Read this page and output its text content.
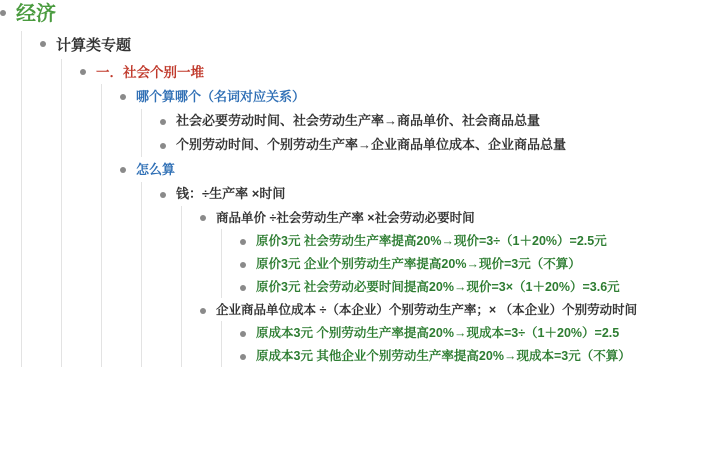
经济
计算类专题
一．社会个别一堆
哪个算哪个（名词对应关系）
社会必要劳动时间、社会劳动生产率→商品单价、社会商品总量
个别劳动时间、个别劳动生产率→企业商品单位成本、企业商品总量
怎么算
钱：÷生产率 ×时间
商品单价 ÷社会劳动生产率 ×社会劳动必要时间
原价3元 社会劳动生产率提高20%→现价=3÷（1＋20%）=2.5元
原价3元 企业个别劳动生产率提高20%→现价=3元（不算）
原价3元 社会劳动必要时间提高20%→现价=3×（1＋20%）=3.6元
企业商品单位成本 ÷（本企业）个别劳动生产率；× （本企业）个别劳动时间
原成本3元 个别劳动生产率提高20%→现成本=3÷（1＋20%）=2.5
原成本3元 其他企业个别劳动生产率提高20%→现成本=3元（不算）
